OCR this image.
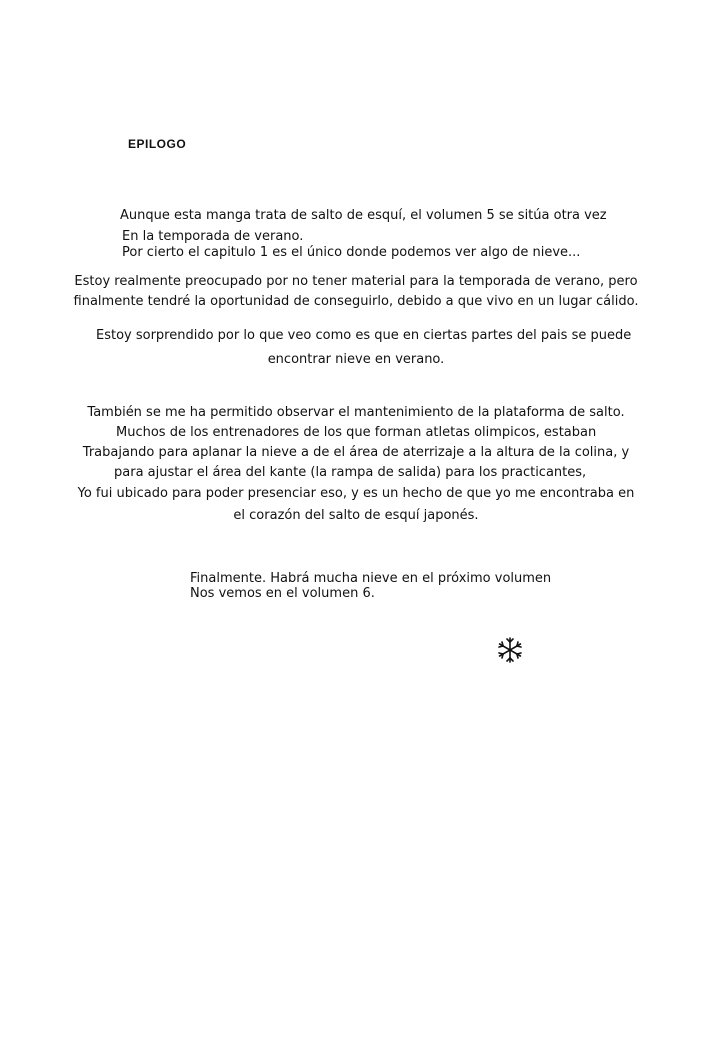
EPILOGO
Aunque esta manga trata de salto de esquí, el volumen 5 se sitúa otra vez
En la temporada de verano.
Por cierto el capitulo 1 es el único donde podemos ver algo de nieve...
Estoy realmente preocupado por no tener material para la temporada de verano, pero
finalmente tendré la oportunidad de conseguirlo, debido a que vivo en un lugar cálido.
Estoy sorprendido por lo que veo como es que en ciertas partes del pais se puede
encontrar nieve en verano.
También se me ha permitido observar el mantenimiento de la plataforma de salto.
Muchos de los entrenadores de los que forman atletas olimpicos, estaban
Trabajando para aplanar la nieve a de el área de aterrizaje a la altura de la colina, y
para ajustar el área del kante (la rampa de salida) para los practicantes,
Yo fui ubicado para poder presenciar eso, y es un hecho de que yo me encontraba en
el corazón del salto de esquí japonés.
Finalmente. Habrá mucha nieve en el próximo volumen
Nos vemos en el volumen 6.
